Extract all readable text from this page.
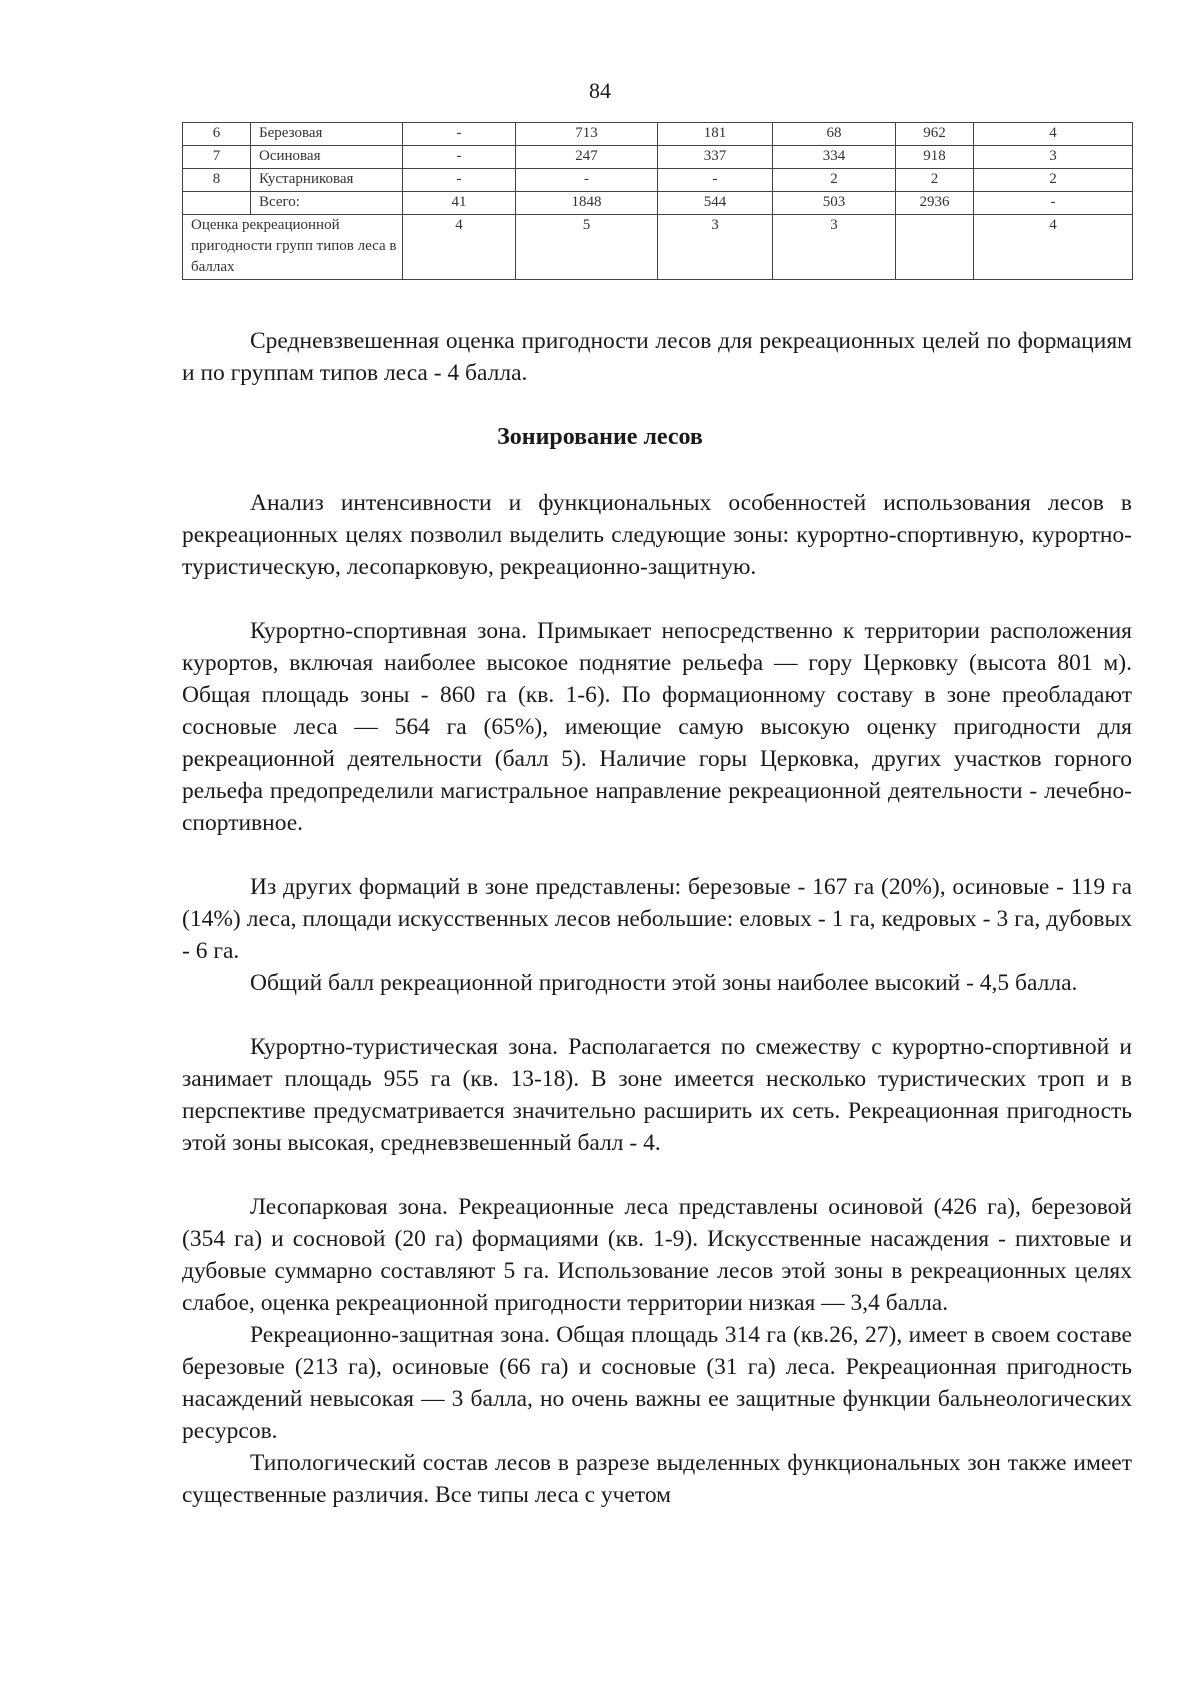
84
6	Березовая	-	713	181	68	962	4
7	Осиновая	-	247	337	334	918	3
8	Кустарниковая	-	-	-	2	2	2
	Всего:	41	1848	544	503	2936	-
Оценка рекреационной пригодности групп типов леса в баллах		4	5	3	3		4

Средневзвешенная оценка пригодности лесов для рекреационных целей по формациям и по группам типов леса - 4 балла.

Зонирование лесов

Анализ интенсивности и функциональных особенностей использования лесов в рекреационных целях позволил выделить следующие зоны: курортно-спортивную, курортно-туристическую, лесопарковую, рекреационно-защитную.

Курортно-спортивная зона. Примыкает непосредственно к территории расположения курортов, включая наиболее высокое поднятие рельефа — гору Церковку (высота 801 м). Общая площадь зоны - 860 га (кв. 1-6). По формационному составу в зоне преобладают сосновые леса — 564 га (65%), имеющие самую высокую оценку пригодности для рекреационной деятельности (балл 5). Наличие горы Церковка, других участков горного рельефа предопределили магистральное направление рекреационной деятельности - лечебно-спортивное.

Из других формаций в зоне представлены: березовые - 167 га (20%), осиновые - 119 га (14%) леса, площади искусственных лесов небольшие: еловых - 1 га, кедровых - 3 га, дубовых - 6 га.

Общий балл рекреационной пригодности этой зоны наиболее высокий - 4,5 балла.

Курортно-туристическая зона. Располагается по смежеству с курортно-спортивной и занимает площадь 955 га (кв. 13-18). В зоне имеется несколько туристических троп и в перспективе предусматривается значительно расширить их сеть. Рекреационная пригодность этой зоны высокая, средневзвешенный балл - 4.

Лесопарковая зона. Рекреационные леса представлены осиновой (426 га), березовой (354 га) и сосновой (20 га) формациями (кв. 1-9). Искусственные насаждения - пихтовые и дубовые суммарно составляют 5 га. Использование лесов этой зоны в рекреационных целях слабое, оценка рекреационной пригодности территории низкая — 3,4 балла.

Рекреационно-защитная зона. Общая площадь 314 га (кв.26, 27), имеет в своем составе березовые (213 га), осиновые (66 га) и сосновые (31 га) леса. Рекреационная пригодность насаждений невысокая — 3 балла, но очень важны ее защитные функции бальнеологических ресурсов.

Типологический состав лесов в разрезе выделенных функциональных зон также имеет существенные различия. Все типы леса с учетом
